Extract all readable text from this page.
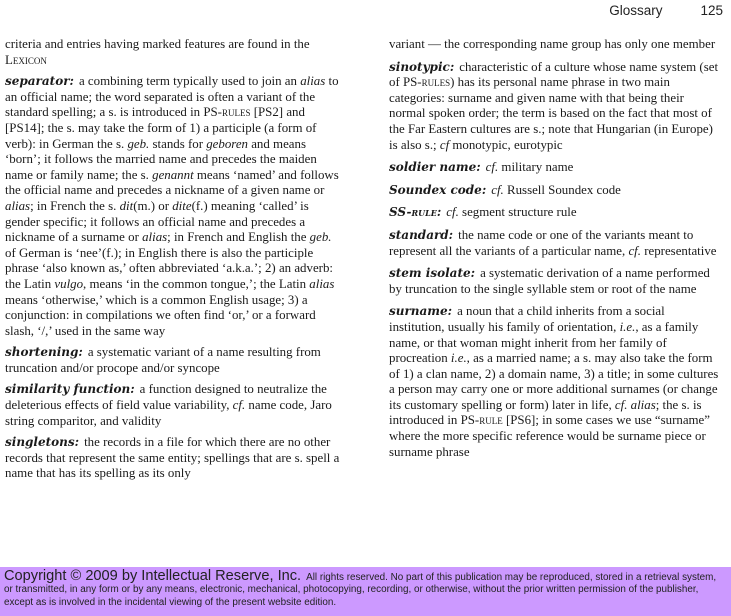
Glossary	125

criteria and entries having marked features are found in the Lexicon

separator: a combining term typically used to join an alias to an official name; the word separated is often a variant of the standard spelling; a s. is introduced in PS-rules [PS2] and [PS14]; the s. may take the form of 1) a participle (a form of verb): in German the s. geb. stands for geboren and means ‘born’; it follows the married name and precedes the maiden name or family name; the s. genannt means ‘named’ and follows the official name and precedes a nickname of a given name or alias; in French the s. dit(m.) or dite(f.) meaning ‘called’ is gender specific; it follows an official name and precedes a nickname of a surname or alias; in French and English the geb. of German is ‘nee’(f.); in English there is also the participle phrase ‘also known as,’ often abbreviated ‘a.k.a.’; 2) an adverb: the Latin vulgo, means ‘in the common tongue,’; the Latin alias means ‘otherwise,’ which is a common English usage; 3) a conjunction: in compilations we often find ‘or,’ or a forward slash, ‘/,’ used in the same way

shortening: a systematic variant of a name resulting from truncation and/or procope and/or syncope

similarity function: a function designed to neutralize the deleterious effects of field value variability, cf. name code, Jaro string comparitor, and validity

singletons: the records in a file for which there are no other records that represent the same entity; spellings that are s. spell a name that has its spelling as its only

variant — the corresponding name group has only one member

sinotypic: characteristic of a culture whose name system (set of PS-rules) has its personal name phrase in two main categories: surname and given name with that being their normal spoken order; the term is based on the fact that most of the Far Eastern cultures are s.; note that Hungarian (in Europe) is also s.; cf monotypic, eurotypic

soldier name: cf. military name

Soundex code: cf. Russell Soundex code

SS-rule: cf. segment structure rule

standard: the name code or one of the variants meant to represent all the variants of a particular name, cf. representative

stem isolate: a systematic derivation of a name performed by truncation to the single syllable stem or root of the name

surname: a noun that a child inherits from a social institution, usually his family of orientation, i.e., as a family name, or that woman might inherit from her family of procreation i.e., as a married name; a s. may also take the form of 1) a clan name, 2) a domain name, 3) a title; in some cultures a person may carry one or more additional surnames (or change its customary spelling or form) later in life, cf. alias; the s. is introduced in PS-rule [PS6]; in some cases we use “surname” where the more specific reference would be surname piece or surname phrase

Copyright © 2009 by Intellectual Reserve, Inc. All rights reserved. No part of this publication may be reproduced, stored in a retrieval system, or transmitted, in any form or by any means, electronic, mechanical, photocopying, recording, or otherwise, without the prior written permission of the publisher, except as is involved in the incidental viewing of the present website edition.
